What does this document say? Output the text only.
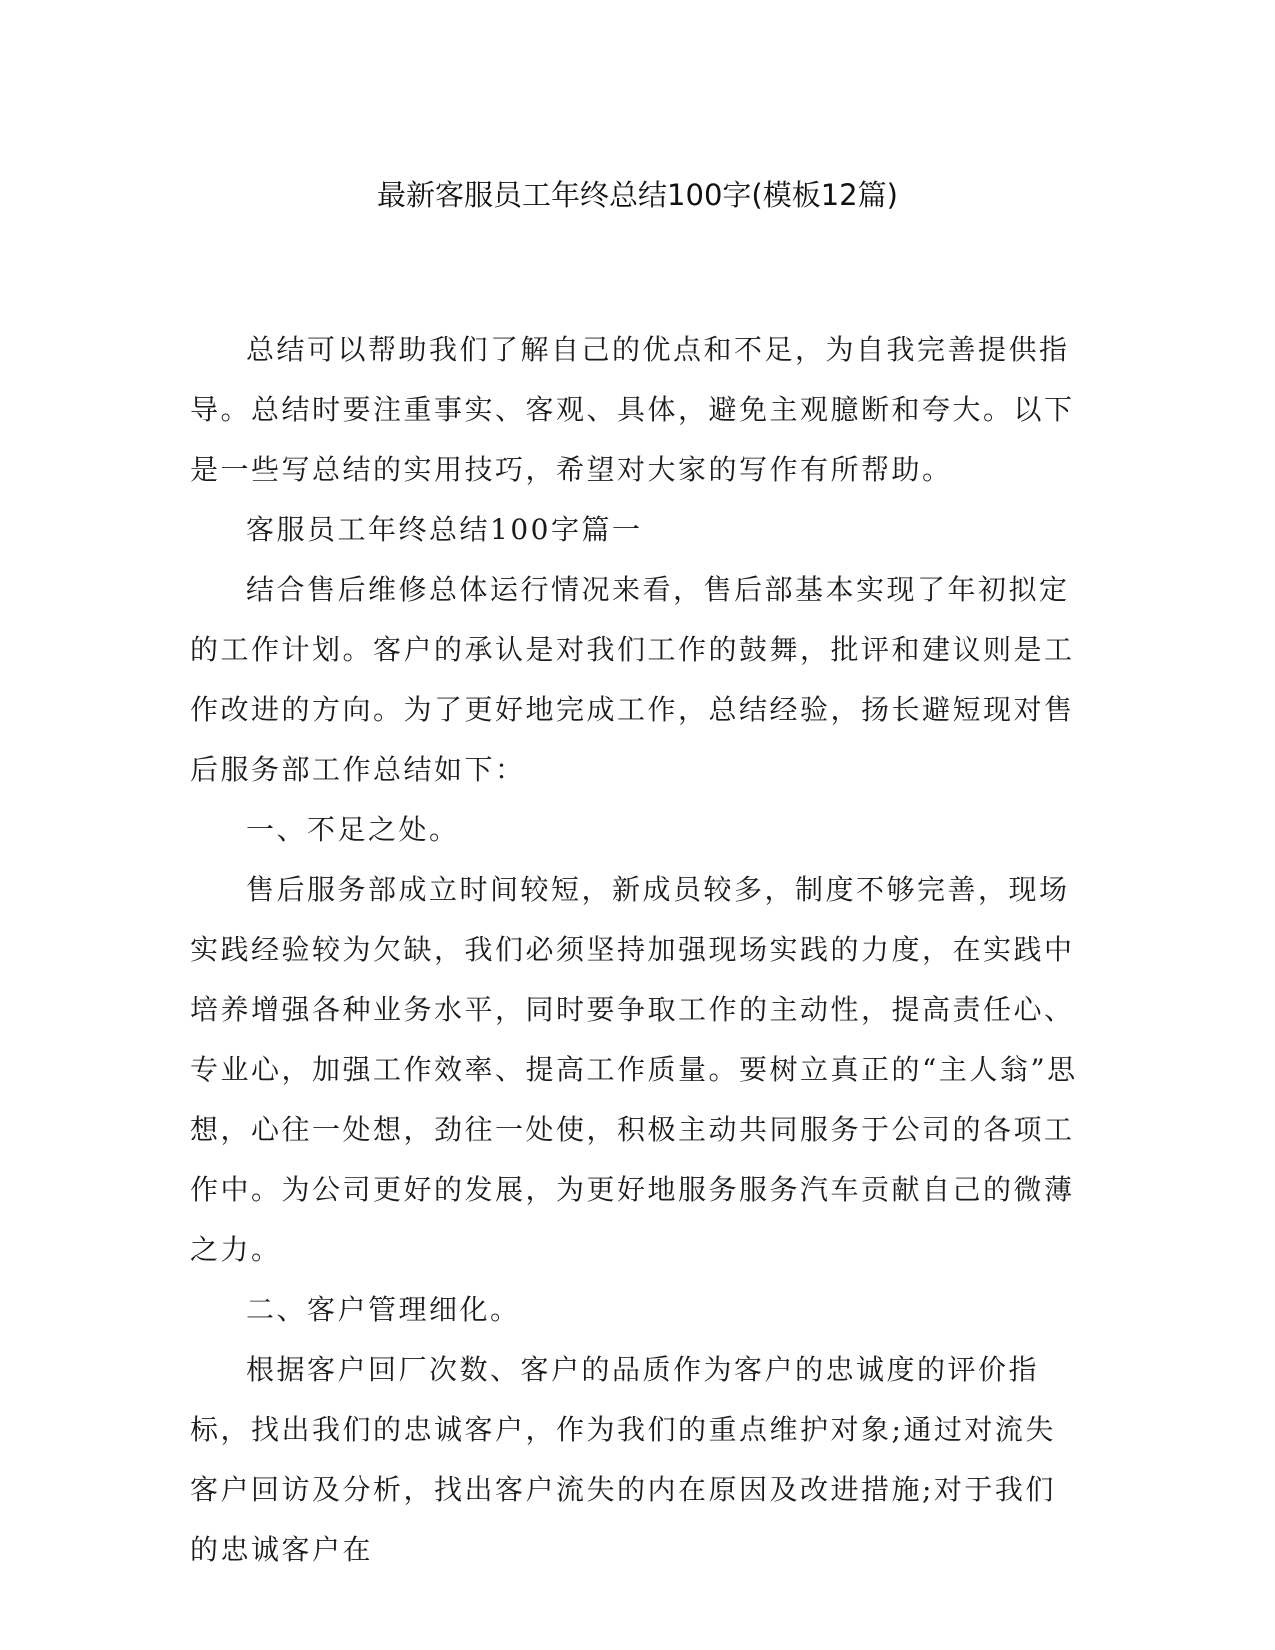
最新客服员工年终总结100字(模板12篇)

总结可以帮助我们了解自己的优点和不足，为自我完善提供指导。总结时要注重事实、客观、具体，避免主观臆断和夸大。以下是一些写总结的实用技巧，希望对大家的写作有所帮助。

客服员工年终总结100字篇一

结合售后维修总体运行情况来看，售后部基本实现了年初拟定的工作计划。客户的承认是对我们工作的鼓舞，批评和建议则是工作改进的方向。为了更好地完成工作，总结经验，扬长避短现对售后服务部工作总结如下：

一、不足之处。

售后服务部成立时间较短，新成员较多，制度不够完善，现场实践经验较为欠缺，我们必须坚持加强现场实践的力度，在实践中培养增强各种业务水平，同时要争取工作的主动性，提高责任心、专业心，加强工作效率、提高工作质量。要树立真正的“主人翁”思想，心往一处想，劲往一处使，积极主动共同服务于公司的各项工作中。为公司更好的发展，为更好地服务服务汽车贡献自己的微薄之力。

二、客户管理细化。

根据客户回厂次数、客户的品质作为客户的忠诚度的评价指标，找出我们的忠诚客户，作为我们的重点维护对象;通过对流失客户回访及分析，找出客户流失的内在原因及改进措施;对于我们的忠诚客户在
